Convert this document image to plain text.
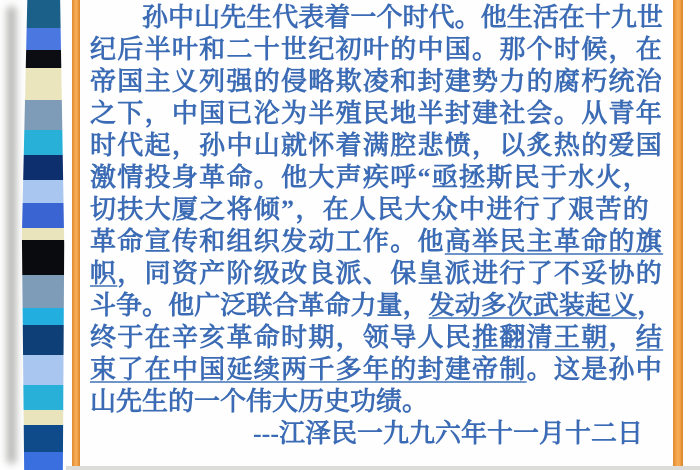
孙中山先生代表着一个时代。他生活在十九世
纪后半叶和二十世纪初叶的中国。那个时候，在
帝国主义列强的侵略欺凌和封建势力的腐朽统治
之下，中国已沦为半殖民地半封建社会。从青年
时代起，孙中山就怀着满腔悲愤，以炙热的爱国
激情投身革命。他大声疾呼“亟拯斯民于水火，
切扶大厦之将倾”，在人民大众中进行了艰苦的
革命宣传和组织发动工作。他高举民主革命的旗
帜，同资产阶级改良派、保皇派进行了不妥协的
斗争。他广泛联合革命力量，发动多次武装起义，
终于在辛亥革命时期，领导人民推翻清王朝，结
束了在中国延续两千多年的封建帝制。这是孙中
山先生的一个伟大历史功绩。
---江泽民一九九六年十一月十二日
